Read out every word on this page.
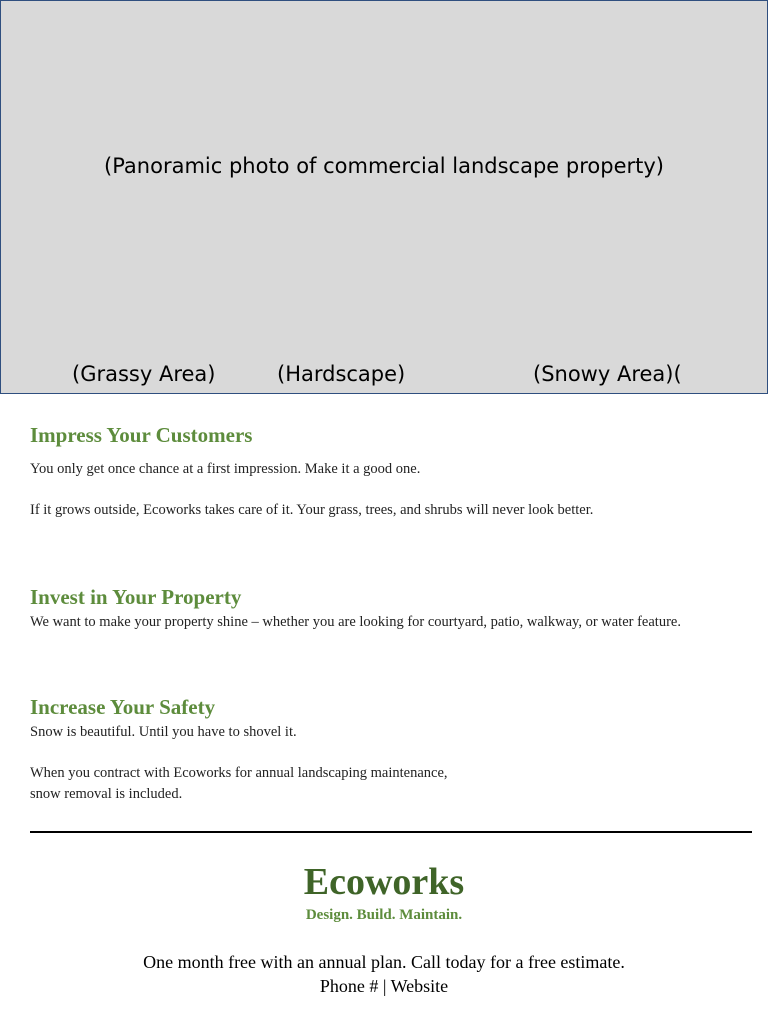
(Panoramic photo of commercial landscape property)
(Grassy Area)	(Hardscape)	(Snowy Area)(
Impress Your Customers
You only get once chance at a first impression. Make it a good one.
If it grows outside, Ecoworks takes care of it. Your grass, trees, and shrubs will never look better.
Invest in Your Property
We want to make your property shine – whether you are looking for courtyard, patio, walkway, or water feature.
Increase Your Safety
Snow is beautiful. Until you have to shovel it.
When you contract with Ecoworks for annual landscaping maintenance,
snow removal is included.
Ecoworks
Design. Build. Maintain.
One month free with an annual plan. Call today for a free estimate.
Phone # | Website
